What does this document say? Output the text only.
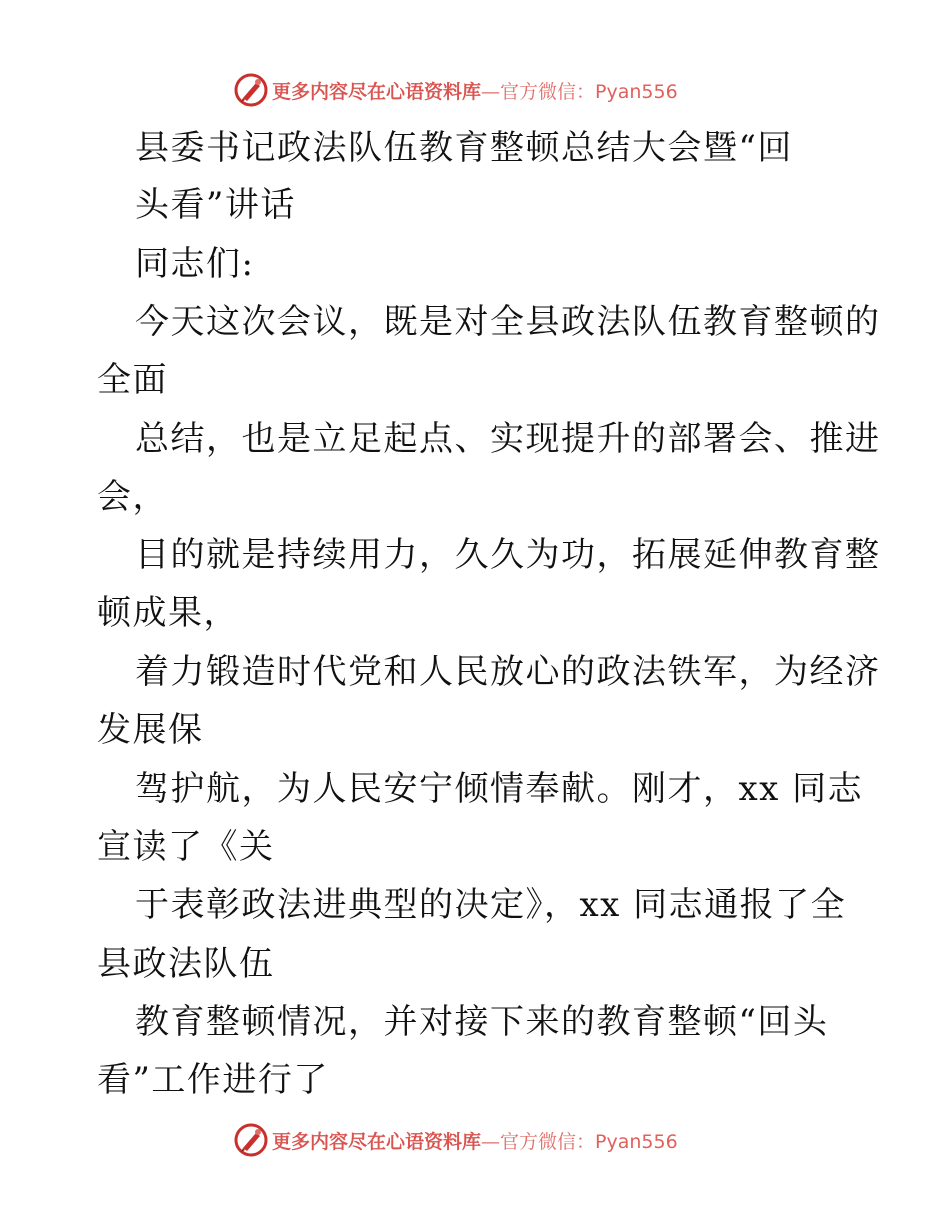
更多内容尽在心语资料库—官方微信：Pyan556
县委书记政法队伍教育整顿总结大会暨“回
头看”讲话
同志们:
今天这次会议，既是对全县政法队伍教育整顿的
全面
总结，也是立足起点、实现提升的部署会、推进
会，
目的就是持续用力，久久为功，拓展延伸教育整
顿成果，
着力锻造时代党和人民放心的政法铁军，为经济
发展保
驾护航，为人民安宁倾情奉献。刚才，xx 同志
宣读了《关
于表彰政法进典型的决定》，xx 同志通报了全
县政法队伍
教育整顿情况，并对接下来的教育整顿“回头
看”工作进行了
更多内容尽在心语资料库—官方微信：Pyan556
